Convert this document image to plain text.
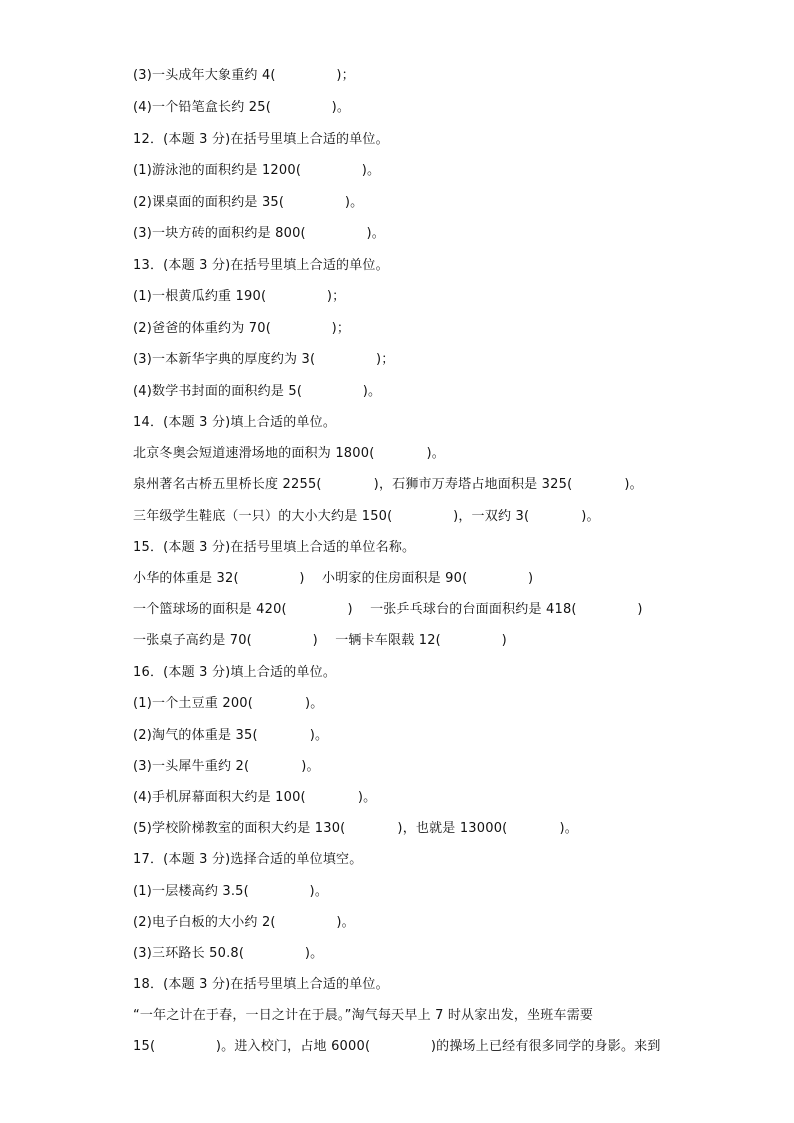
(3)一头成年大象重约 4(              )；
(4)一个铅笔盒长约 25(              )。
12．(本题 3 分)在括号里填上合适的单位。
(1)游泳池的面积约是 1200(              )。
(2)课桌面的面积约是 35(              )。
(3)一块方砖的面积约是 800(              )。
13．(本题 3 分)在括号里填上合适的单位。
(1)一根黄瓜约重 190(              )；
(2)爸爸的体重约为 70(              )；
(3)一本新华字典的厚度约为 3(              )；
(4)数学书封面的面积约是 5(              )。
14．(本题 3 分)填上合适的单位。
北京冬奥会短道速滑场地的面积为 1800(            )。
泉州著名古桥五里桥长度 2255(            )，石狮市万寿塔占地面积是 325(            )。
三年级学生鞋底（一只）的大小大约是 150(              )，一双约 3(            )。
15．(本题 3 分)在括号里填上合适的单位名称。
小华的体重是 32(              )    小明家的住房面积是 90(              )
一个篮球场的面积是 420(              )    一张乒乓球台的台面面积约是 418(              )
一张桌子高约是 70(              )    一辆卡车限载 12(              )
16．(本题 3 分)填上合适的单位。
(1)一个土豆重 200(            )。
(2)淘气的体重是 35(            )。
(3)一头犀牛重约 2(            )。
(4)手机屏幕面积大约是 100(            )。
(5)学校阶梯教室的面积大约是 130(            )，也就是 13000(            )。
17．(本题 3 分)选择合适的单位填空。
(1)一层楼高约 3.5(              )。
(2)电子白板的大小约 2(              )。
(3)三环路长 50.8(              )。
18．(本题 3 分)在括号里填上合适的单位。
“一年之计在于春，一日之计在于晨。”淘气每天早上 7 时从家出发，坐班车需要
15(              )。进入校门，占地 6000(              )的操场上已经有很多同学的身影。来到
